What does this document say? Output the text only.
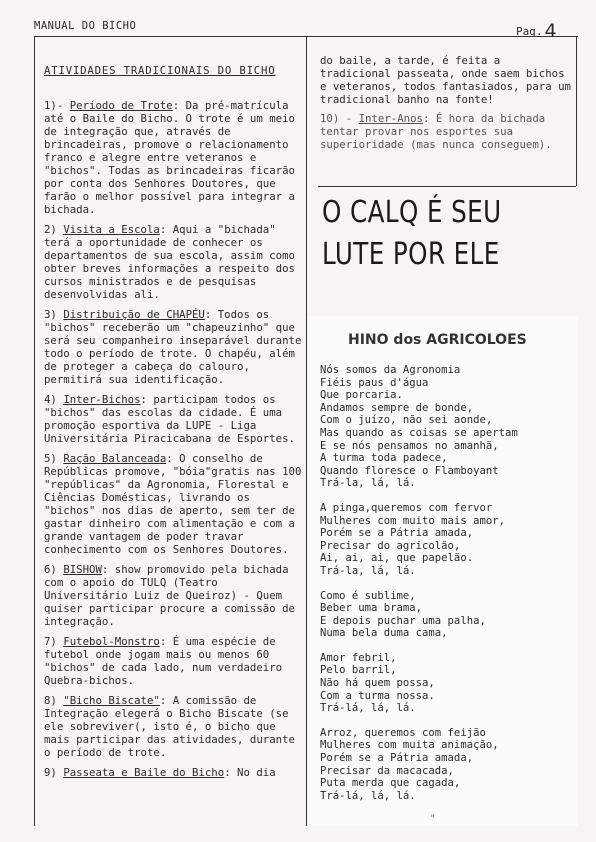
MANUAL DO BICHO	Pag. 4
ATIVIDADES TRADICIONAIS DO BICHO

1)- Período de Trote: Da pré-matrícula até o Baile do Bicho. O trote é um meio de integração que, através de brincadeiras, promove o relacionamento franco e alegre entre veteranos e "bichos". Todas as brincadeiras ficarão por conta dos Senhores Doutores, que farão o melhor possível para integrar a bichada.

2) Visita a Escola: Aqui a "bichada" terá a oportunidade de conhecer os departamentos de sua escola, assim como obter breves informações a respeito dos cursos ministrados e de pesquisas desenvolvidas ali.

3) Distribuição de CHAPÉU: Todos os "bichos" receberão um "chapeuzinho" que será seu companheiro inseparável durante todo o período de trote. O chapéu, além de proteger a cabeça do calouro, permitirá sua identificação.

4) Inter-Bichos: participam todos os "bichos" das escolas da cidade. É uma promoção esportiva da LUPE - Liga Universitária Piracicabana de Esportes.

5) Ração Balanceada: O conselho de Repúblicas promove, "bóia"gratis nas 100 "repúblicas" da Agronomia, Florestal e Ciências Domésticas, livrando os "bichos" nos dias de aperto, sem ter de gastar dinheiro com alimentação e com a grande vantagem de poder travar conhecimento com os Senhores Doutores.

6) BISHOW: show promovido pela bichada com o apoio do TULQ (Teatro Universitário Luiz de Queiroz) - Quem quiser participar procure a comissão de integração.

7) Futebol-Monstro: É uma espécie de futebol onde jogam mais ou menos 60 "bichos" de cada lado, num verdadeiro Quebra-bichos.

8) "Bicho Biscate": A comissão de Integração elegerá o Bicho Biscate (se ele sobreviver(, isto é, o bicho que mais participar das atividades, durante o período de trote.

9) Passeata e Baile do Bicho: No dia

do baile, a tarde, é feita a tradicional passeata, onde saem bichos e veteranos, todos fantasiados, para um tradicional banho na fonte!

10) - Inter-Anos: É hora da bichada tentar provar nos esportes sua superioridade (mas nunca conseguem).

O CALQ É SEU
LUTE POR ELE
HINO dos AGRICOLOES

Nós somos da Agronomia
Fiéis paus d'água
Que porcaria.
Andamos sempre de bonde,
Com o juízo, não sei aonde,
Mas quando as coisas se apertam
E se nós pensamos no amanhã,
A turma toda padece,
Quando floresce o Flamboyant
Trá-la, lá, lá.

A pinga,queremos com fervor
Mulheres com muito mais amor,
Porém se a Pátria amada,
Precisar do agricolão,
Ai, ai, ai, que papelão.
Trá-la, lá, lá.

Como é sublime,
Beber uma brama,
E depois puchar uma palha,
Numa bela duma cama,

Amor febril,
Pelo barril,
Não há quem possa,
Com a turma nossa.
Trá-lá, lá, lá.

Arroz, queremos com feijão
Mulheres com muita animação,
Porém se a Pátria amada,
Precisar da macacada,
Puta merda que cagada,
Trá-lá, lá, lá.

"
